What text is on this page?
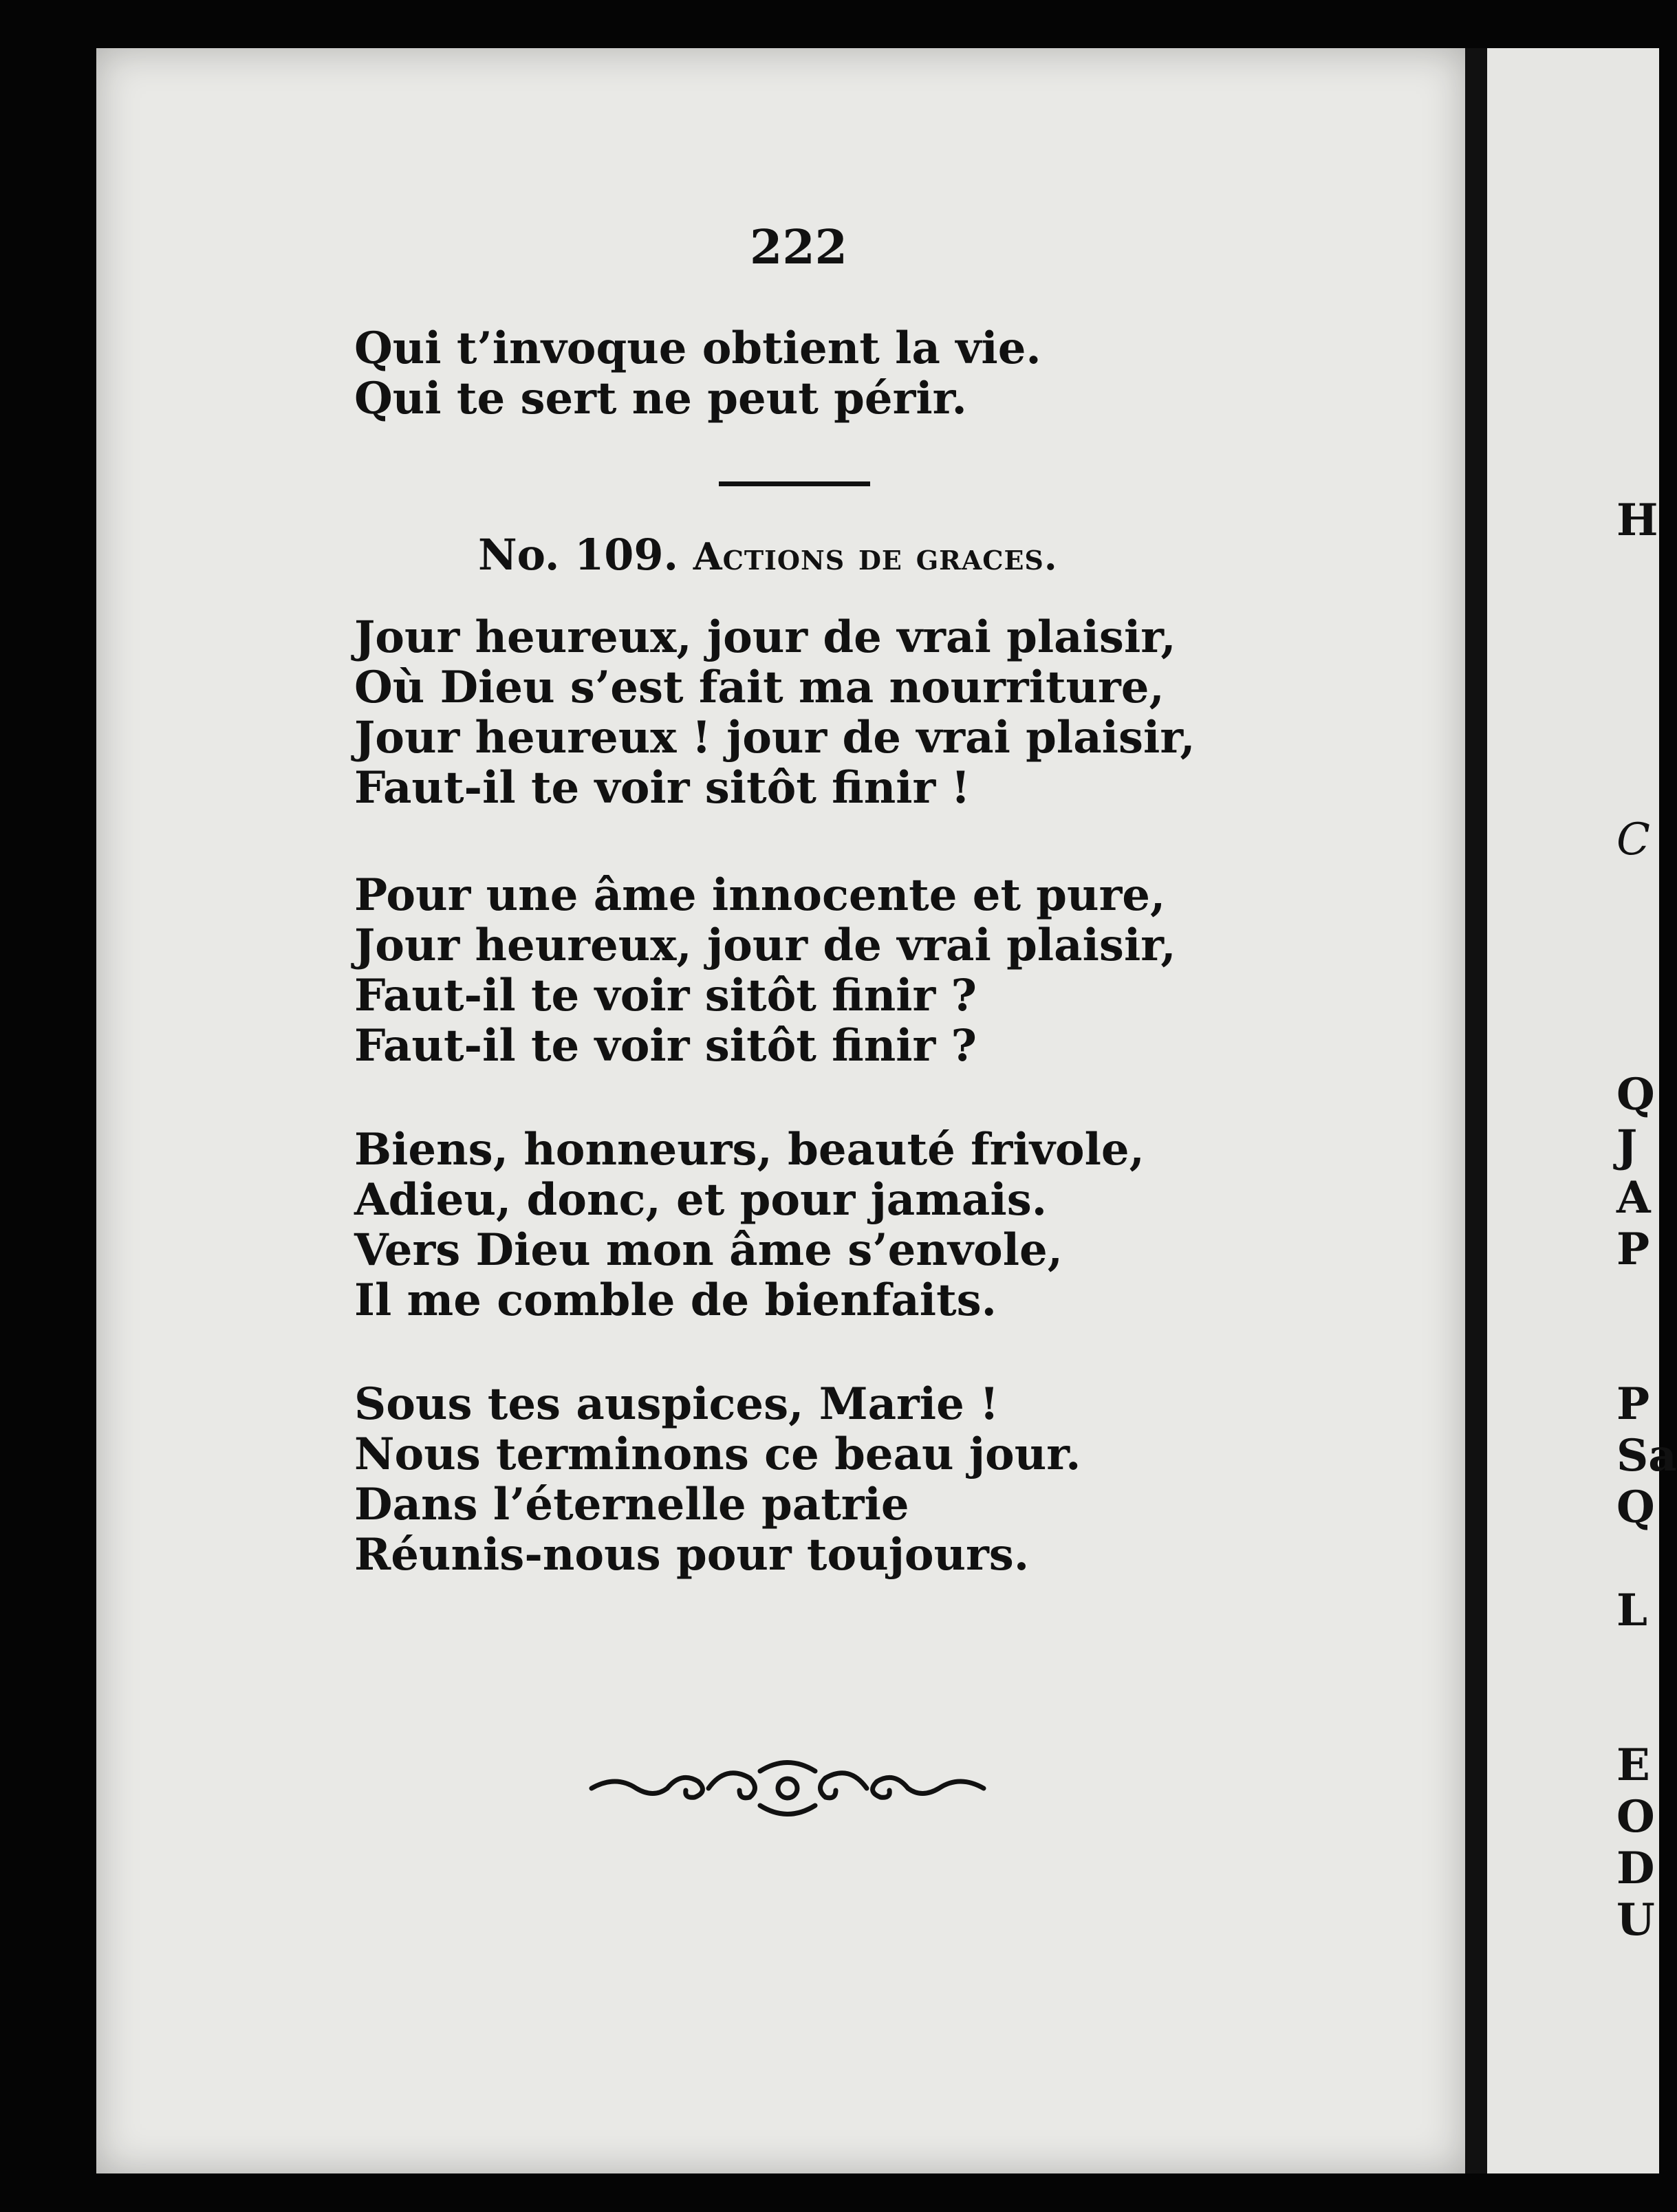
222
Qui t’invoque obtient la vie.
Qui te sert ne peut périr.
No. 109. Actions de graces.
Jour heureux, jour de vrai plaisir,
Où Dieu s’est fait ma nourriture,
Jour heureux ! jour de vrai plaisir,
Faut-il te voir sitôt finir !
Pour une âme innocente et pure,
Jour heureux, jour de vrai plaisir,
Faut-il te voir sitôt finir ?
Faut-il te voir sitôt finir ?
Biens, honneurs, beauté frivole,
Adieu, donc, et pour jamais.
Vers Dieu mon âme s’envole,
Il me comble de bienfaits.
Sous tes auspices, Marie !
Nous terminons ce beau jour.
Dans l’éternelle patrie
Réunis-nous pour toujours.
H
C
Q
J
A
P
P
Sa
Q
L
E
O
D
U
